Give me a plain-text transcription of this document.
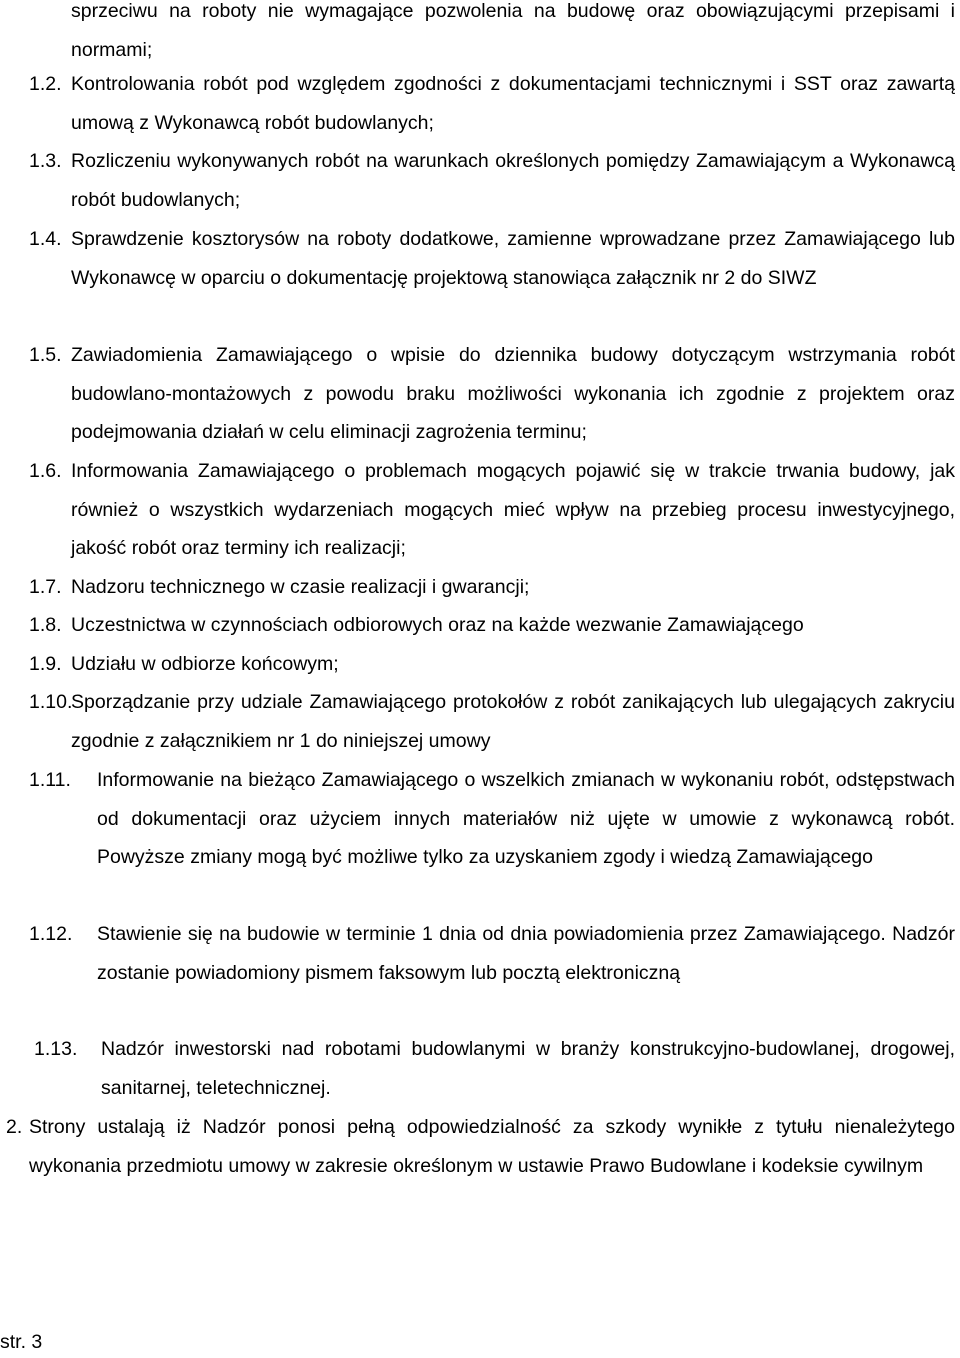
sprzeciwu na roboty nie wymagające pozwolenia na budowę oraz obowiązującymi przepisami i normami;
1.2. Kontrolowania robót pod względem zgodności z dokumentacjami technicznymi i SST oraz zawartą umową z Wykonawcą robót budowlanych;
1.3. Rozliczeniu wykonywanych robót na warunkach określonych pomiędzy Zamawiającym a Wykonawcą robót budowlanych;
1.4. Sprawdzenie kosztorysów na roboty dodatkowe, zamienne wprowadzane przez Zamawiającego lub Wykonawcę w oparciu o dokumentację projektową stanowiąca załącznik nr 2 do SIWZ
1.5. Zawiadomienia Zamawiającego o wpisie do dziennika budowy dotyczącym wstrzymania robót budowlano-montażowych z powodu braku możliwości wykonania ich zgodnie z projektem oraz podejmowania działań w celu eliminacji zagrożenia terminu;
1.6. Informowania Zamawiającego o problemach mogących pojawić się w trakcie trwania budowy, jak również o wszystkich wydarzeniach mogących mieć wpływ na przebieg procesu inwestycyjnego, jakość robót oraz terminy ich realizacji;
1.7. Nadzoru technicznego w czasie realizacji i gwarancji;
1.8. Uczestnictwa w czynnościach odbiorowych oraz na każde wezwanie Zamawiającego
1.9. Udziału w odbiorze końcowym;
1.10.
Sporządzanie przy udziale Zamawiającego protokołów z robót zanikających lub ulegających zakryciu zgodnie z załącznikiem nr 1 do niniejszej umowy
1.11.	Informowanie na bieżąco Zamawiającego o wszelkich zmianach w wykonaniu robót, odstępstwach od dokumentacji oraz użyciem innych materiałów niż ujęte w umowie z wykonawcą robót. Powyższe zmiany mogą być możliwe tylko za uzyskaniem zgody i wiedzą Zamawiającego
1.12.	Stawienie się na budowie w terminie 1 dnia od dnia powiadomienia przez Zamawiającego. Nadzór zostanie powiadomiony pismem faksowym lub pocztą elektroniczną
1.13.	Nadzór inwestorski nad robotami budowlanymi w branży konstrukcyjno-budowlanej, drogowej, sanitarnej, teletechnicznej.
2. Strony ustalają iż Nadzór ponosi pełną odpowiedzialność za szkody wynikłe z tytułu nienależytego wykonania przedmiotu umowy w zakresie określonym w ustawie Prawo Budowlane i kodeksie cywilnym
str. 3
